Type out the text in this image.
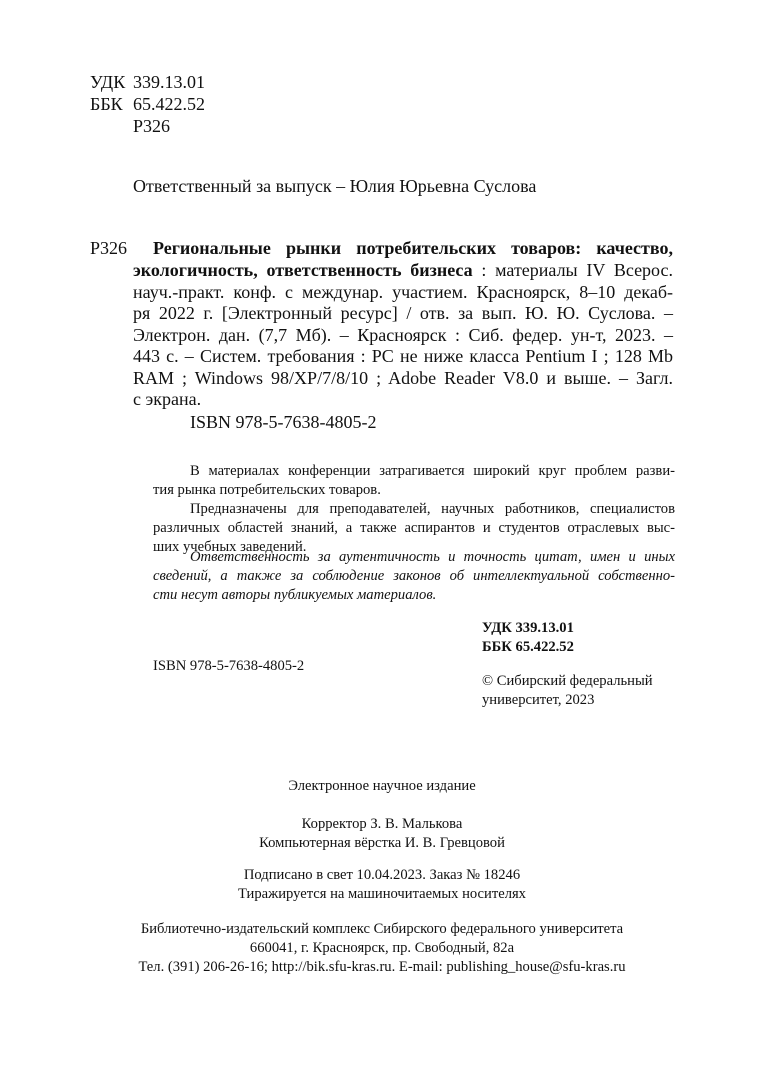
УДК 339.13.01
ББК 65.422.52
Р326
Ответственный за выпуск – Юлия Юрьевна Суслова
Р326 Региональные рынки потребительских товаров: качество,
экологичность, ответственность бизнеса : материалы IV Всерос.
науч.-практ. конф. с междунар. участием. Красноярск, 8–10 декаб-
ря 2022 г. [Электронный ресурс] / отв. за вып. Ю. Ю. Суслова. –
Электрон. дан. (7,7 Мб). – Красноярск : Сиб. федер. ун-т, 2023. –
443 с. – Систем. требования : PC не ниже класса Pentium I ; 128 Mb
RAM ; Windows 98/XP/7/8/10 ; Adobe Reader V8.0 и выше. – Загл.
с экрана.
ISBN 978-5-7638-4805-2
В материалах конференции затрагивается широкий круг проблем разви-
тия рынка потребительских товаров.
Предназначены для преподавателей, научных работников, специалистов
различных областей знаний, а также аспирантов и студентов отраслевых выс-
ших учебных заведений.
Ответственность за аутентичность и точность цитат, имен и иных
сведений, а также за соблюдение законов об интеллектуальной собственно-
сти несут авторы публикуемых материалов.
УДК 339.13.01
ББК 65.422.52
ISBN 978-5-7638-4805-2
© Сибирский федеральный
университет, 2023
Электронное научное издание
Корректор З. В. Малькова
Компьютерная вёрстка И. В. Гревцовой
Подписано в свет 10.04.2023. Заказ № 18246
Тиражируется на машиночитаемых носителях
Библиотечно-издательский комплекс Сибирского федерального университета
660041, г. Красноярск, пр. Свободный, 82а
Тел. (391) 206-26-16; http://bik.sfu-kras.ru. E-mail: publishing_house@sfu-kras.ru
